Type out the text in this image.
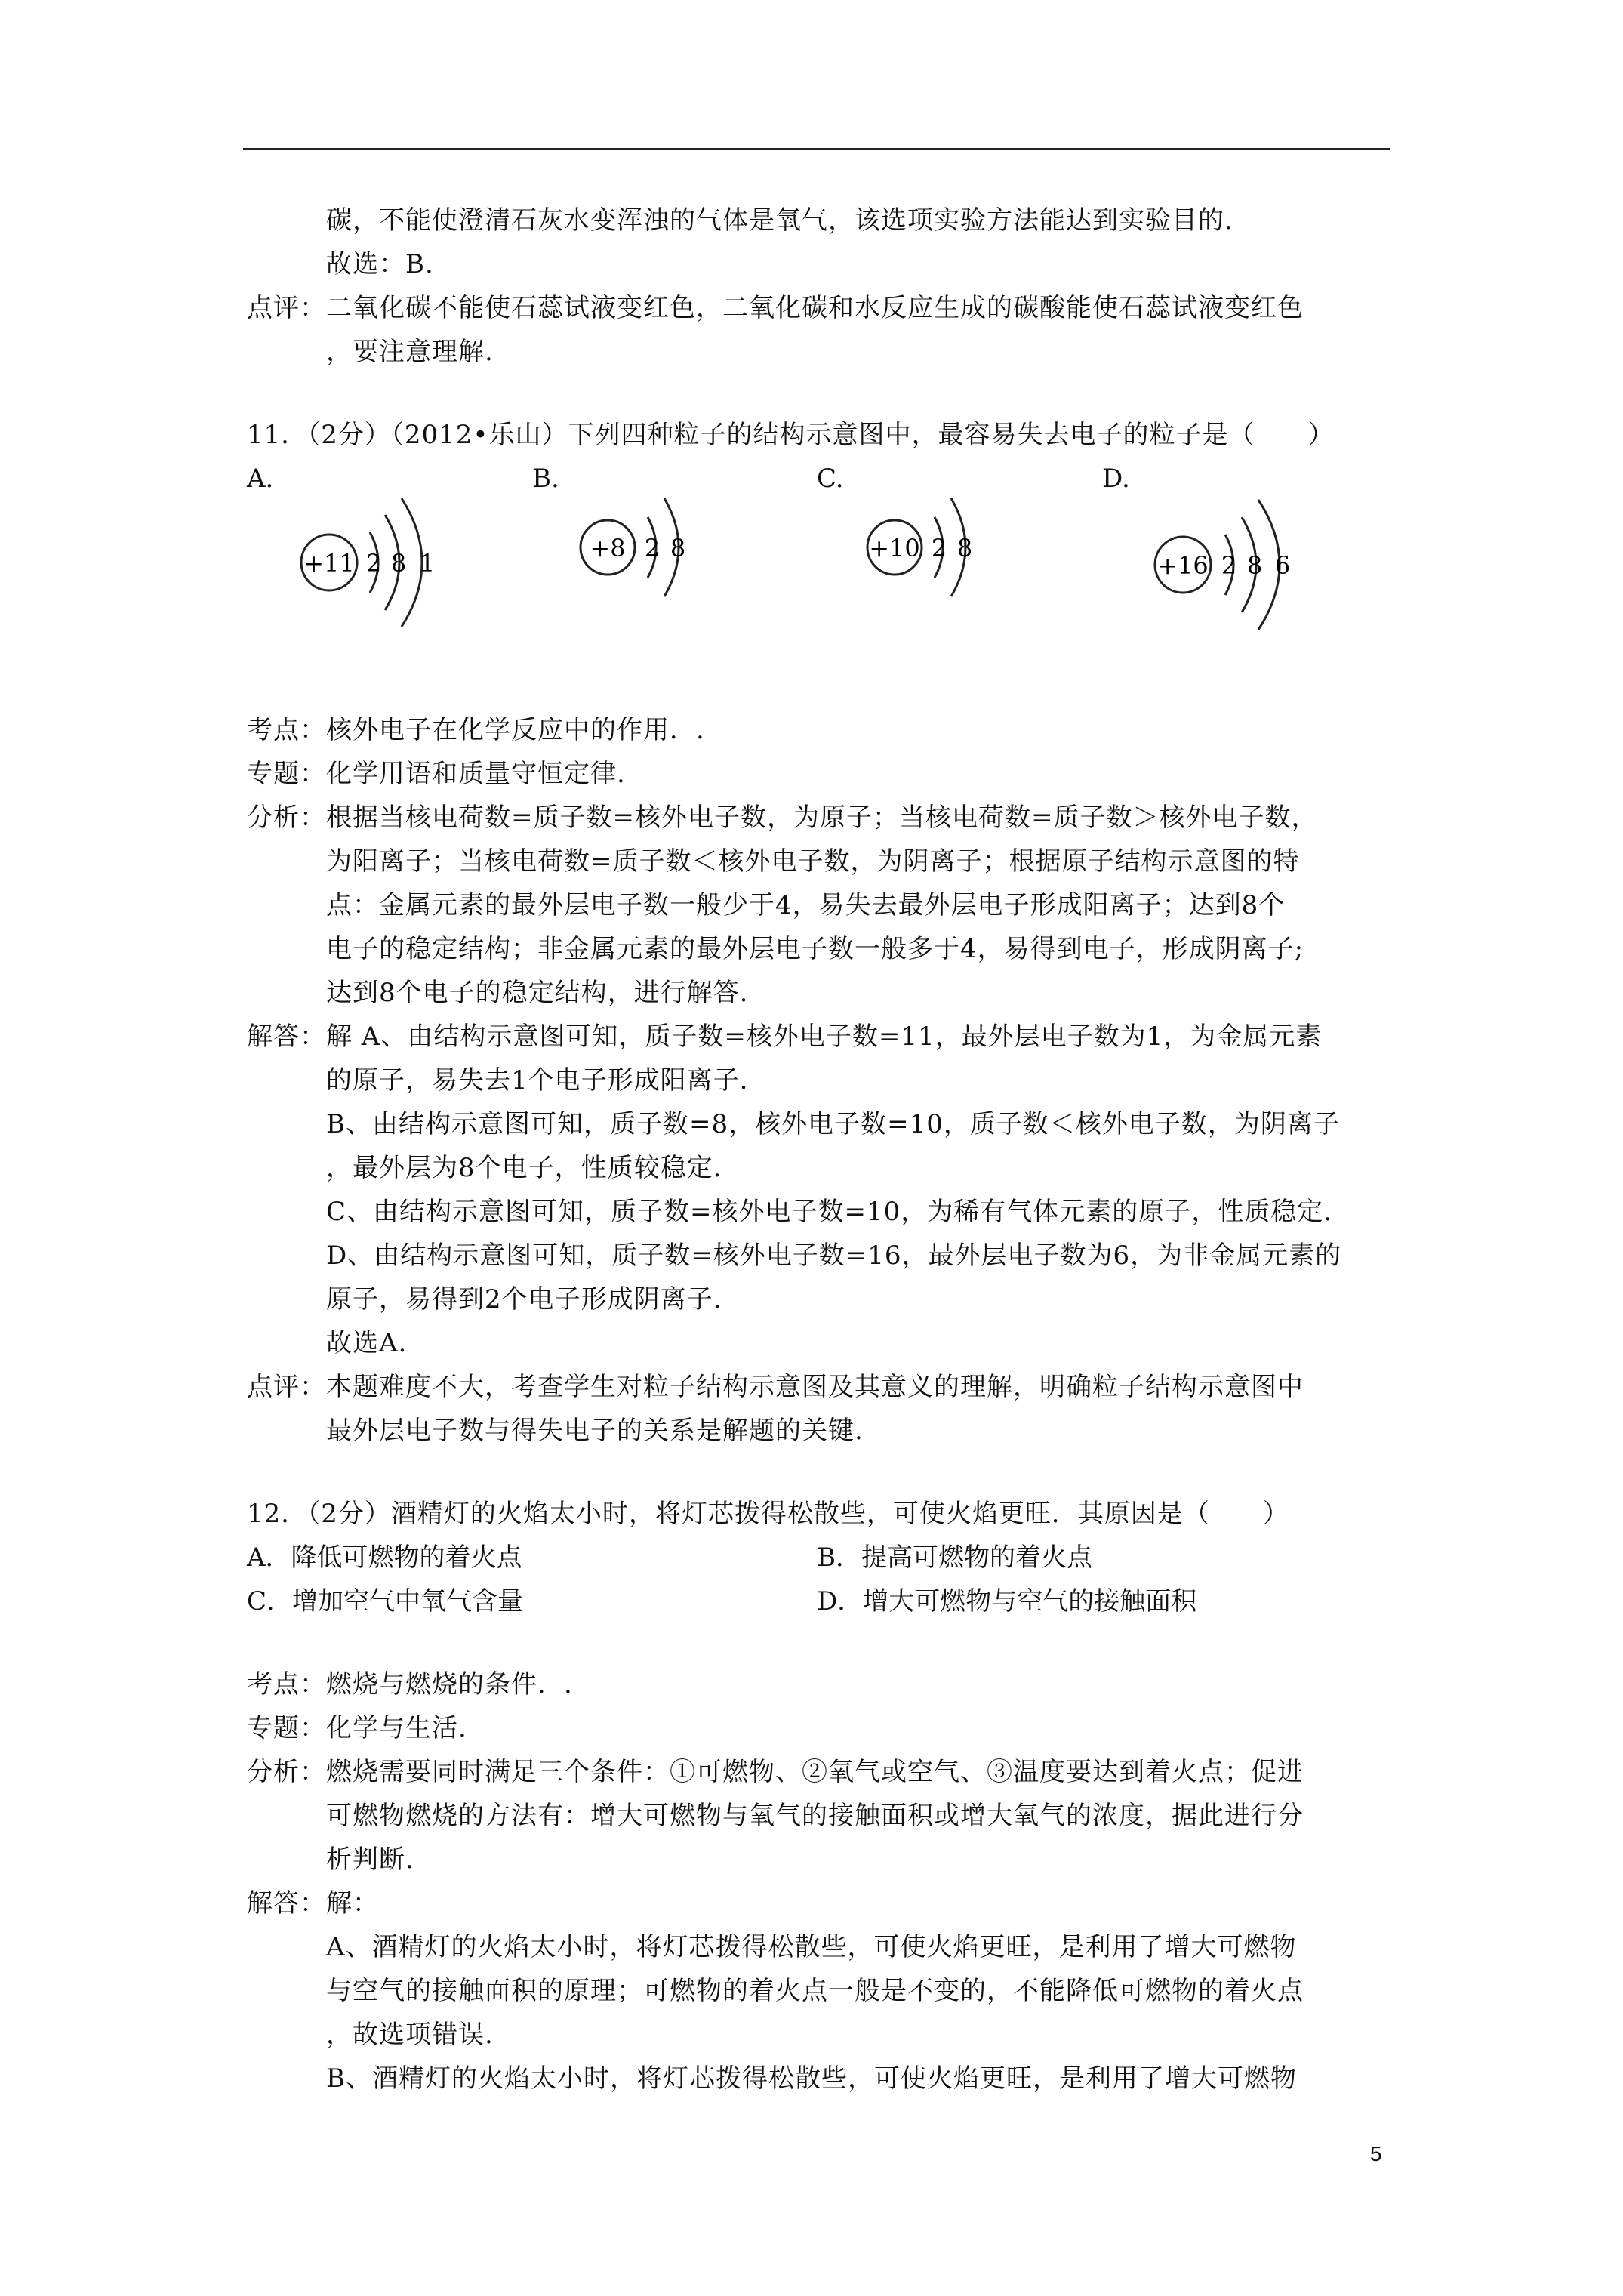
碳，不能使澄清石灰水变浑浊的气体是氧气，该选项实验方法能达到实验目的.
故选：B.
点评： 二氧化碳不能使石蕊试液变红色，二氧化碳和水反应生成的碳酸能使石蕊试液变红色
，要注意理解.
11．（2分）（2012•乐山）下列四种粒子的结构示意图中，最容易失去电子的粒子是（　　）
A.	B.	C.	D.
+11 2 8 1
+8 2 8	+10 2 8
+16 2 8 6
考点： 核外电子在化学反应中的作用．.
专题： 化学用语和质量守恒定律.
分析： 根据当核电荷数=质子数=核外电子数，为原子；当核电荷数=质子数＞核外电子数，
为阳离子；当核电荷数=质子数＜核外电子数，为阴离子；根据原子结构示意图的特
点：金属元素的最外层电子数一般少于4，易失去最外层电子形成阳离子；达到8个
电子的稳定结构；非金属元素的最外层电子数一般多于4，易得到电子，形成阴离子;
达到8个电子的稳定结构，进行解答.
解答： 解 A、由结构示意图可知，质子数=核外电子数=11，最外层电子数为1，为金属元素
的原子，易失去1个电子形成阳离子.
B、由结构示意图可知，质子数=8，核外电子数=10，质子数＜核外电子数，为阴离子
，最外层为8个电子，性质较稳定.
C、由结构示意图可知，质子数=核外电子数=10，为稀有气体元素的原子，性质稳定.
D、由结构示意图可知，质子数=核外电子数=16，最外层电子数为6，为非金属元素的
原子，易得到2个电子形成阴离子.
故选A.
点评： 本题难度不大，考查学生对粒子结构示意图及其意义的理解，明确粒子结构示意图中
最外层电子数与得失电子的关系是解题的关键.
12．（2分）酒精灯的火焰太小时，将灯芯拨得松散些，可使火焰更旺．其原因是（　　）
A．降低可燃物的着火点	B．提高可燃物的着火点
C．增加空气中氧气含量	D．增大可燃物与空气的接触面积
考点： 燃烧与燃烧的条件．.
专题： 化学与生活.
分析： 燃烧需要同时满足三个条件：①可燃物、②氧气或空气、③温度要达到着火点；促进
可燃物燃烧的方法有：增大可燃物与氧气的接触面积或增大氧气的浓度，据此进行分
析判断.
解答： 解：
A、酒精灯的火焰太小时，将灯芯拨得松散些，可使火焰更旺，是利用了增大可燃物
与空气的接触面积的原理；可燃物的着火点一般是不变的，不能降低可燃物的着火点
，故选项错误.
B、酒精灯的火焰太小时，将灯芯拨得松散些，可使火焰更旺，是利用了增大可燃物
5
